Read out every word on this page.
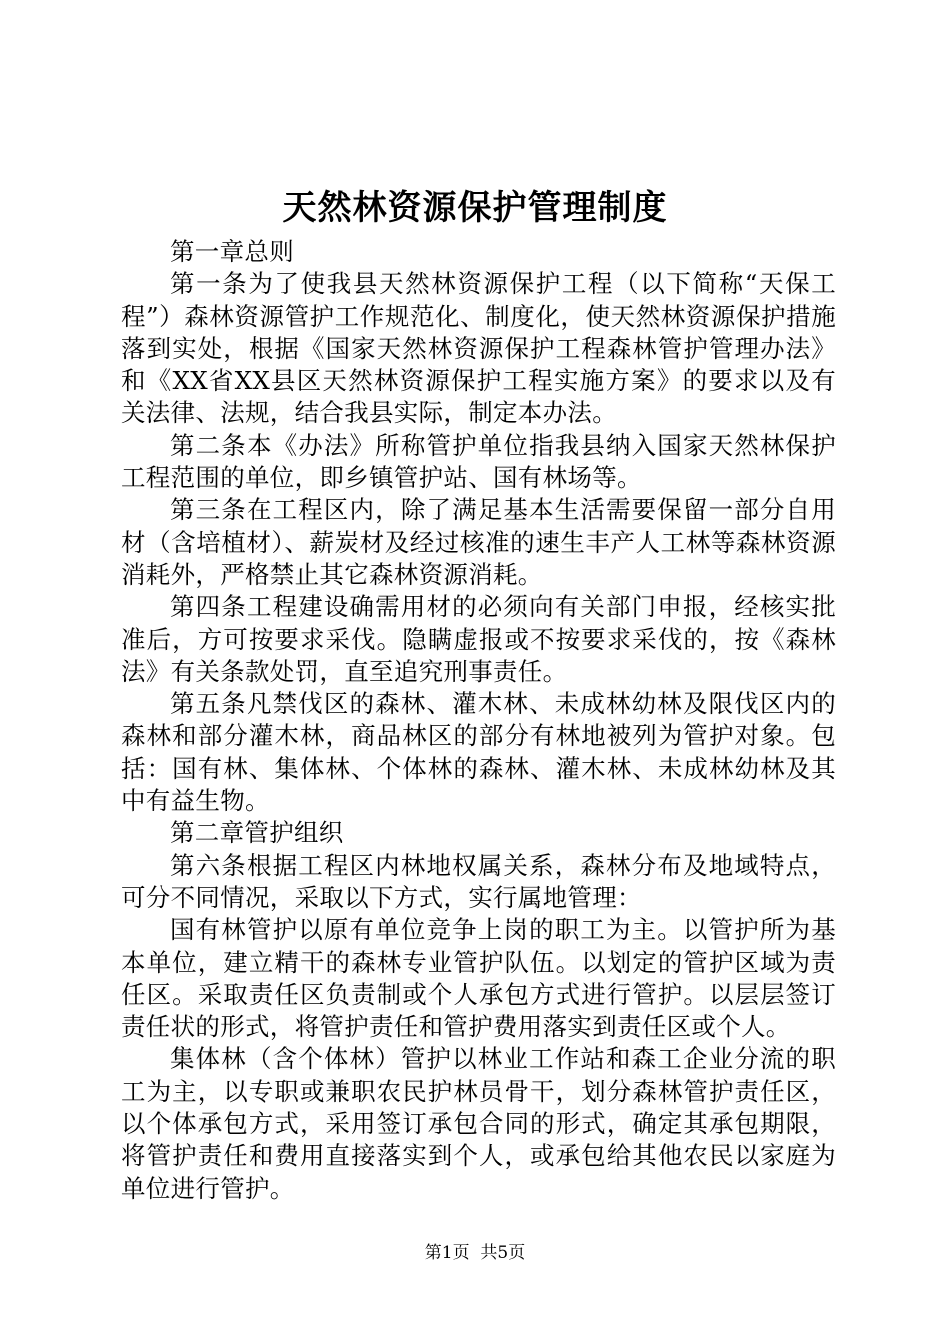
天然林资源保护管理制度

第一章总则

第一条为了使我县天然林资源保护工程（以下简称“天保工程”）森林资源管护工作规范化、制度化，使天然林资源保护措施落到实处，根据《国家天然林资源保护工程森林管护管理办法》和《XX省XX县区天然林资源保护工程实施方案》的要求以及有关法律、法规，结合我县实际，制定本办法。

第二条本《办法》所称管护单位指我县纳入国家天然林保护工程范围的单位，即乡镇管护站、国有林场等。

第三条在工程区内，除了满足基本生活需要保留一部分自用材（含培植材）、薪炭材及经过核准的速生丰产人工林等森林资源消耗外，严格禁止其它森林资源消耗。

第四条工程建设确需用材的必须向有关部门申报，经核实批准后，方可按要求采伐。隐瞒虚报或不按要求采伐的，按《森林法》有关条款处罚，直至追究刑事责任。

第五条凡禁伐区的森林、灌木林、未成林幼林及限伐区内的森林和部分灌木林，商品林区的部分有林地被列为管护对象。包括：国有林、集体林、个体林的森林、灌木林、未成林幼林及其中有益生物。

第二章管护组织

第六条根据工程区内林地权属关系，森林分布及地域特点，可分不同情况，采取以下方式，实行属地管理：

国有林管护以原有单位竞争上岗的职工为主。以管护所为基本单位，建立精干的森林专业管护队伍。以划定的管护区域为责任区。采取责任区负责制或个人承包方式进行管护。以层层签订责任状的形式，将管护责任和管护费用落实到责任区或个人。

集体林（含个体林）管护以林业工作站和森工企业分流的职工为主，以专职或兼职农民护林员骨干，划分森林管护责任区，以个体承包方式，采用签订承包合同的形式，确定其承包期限，将管护责任和费用直接落实到个人，或承包给其他农民以家庭为单位进行管护。

第1页  共5页
